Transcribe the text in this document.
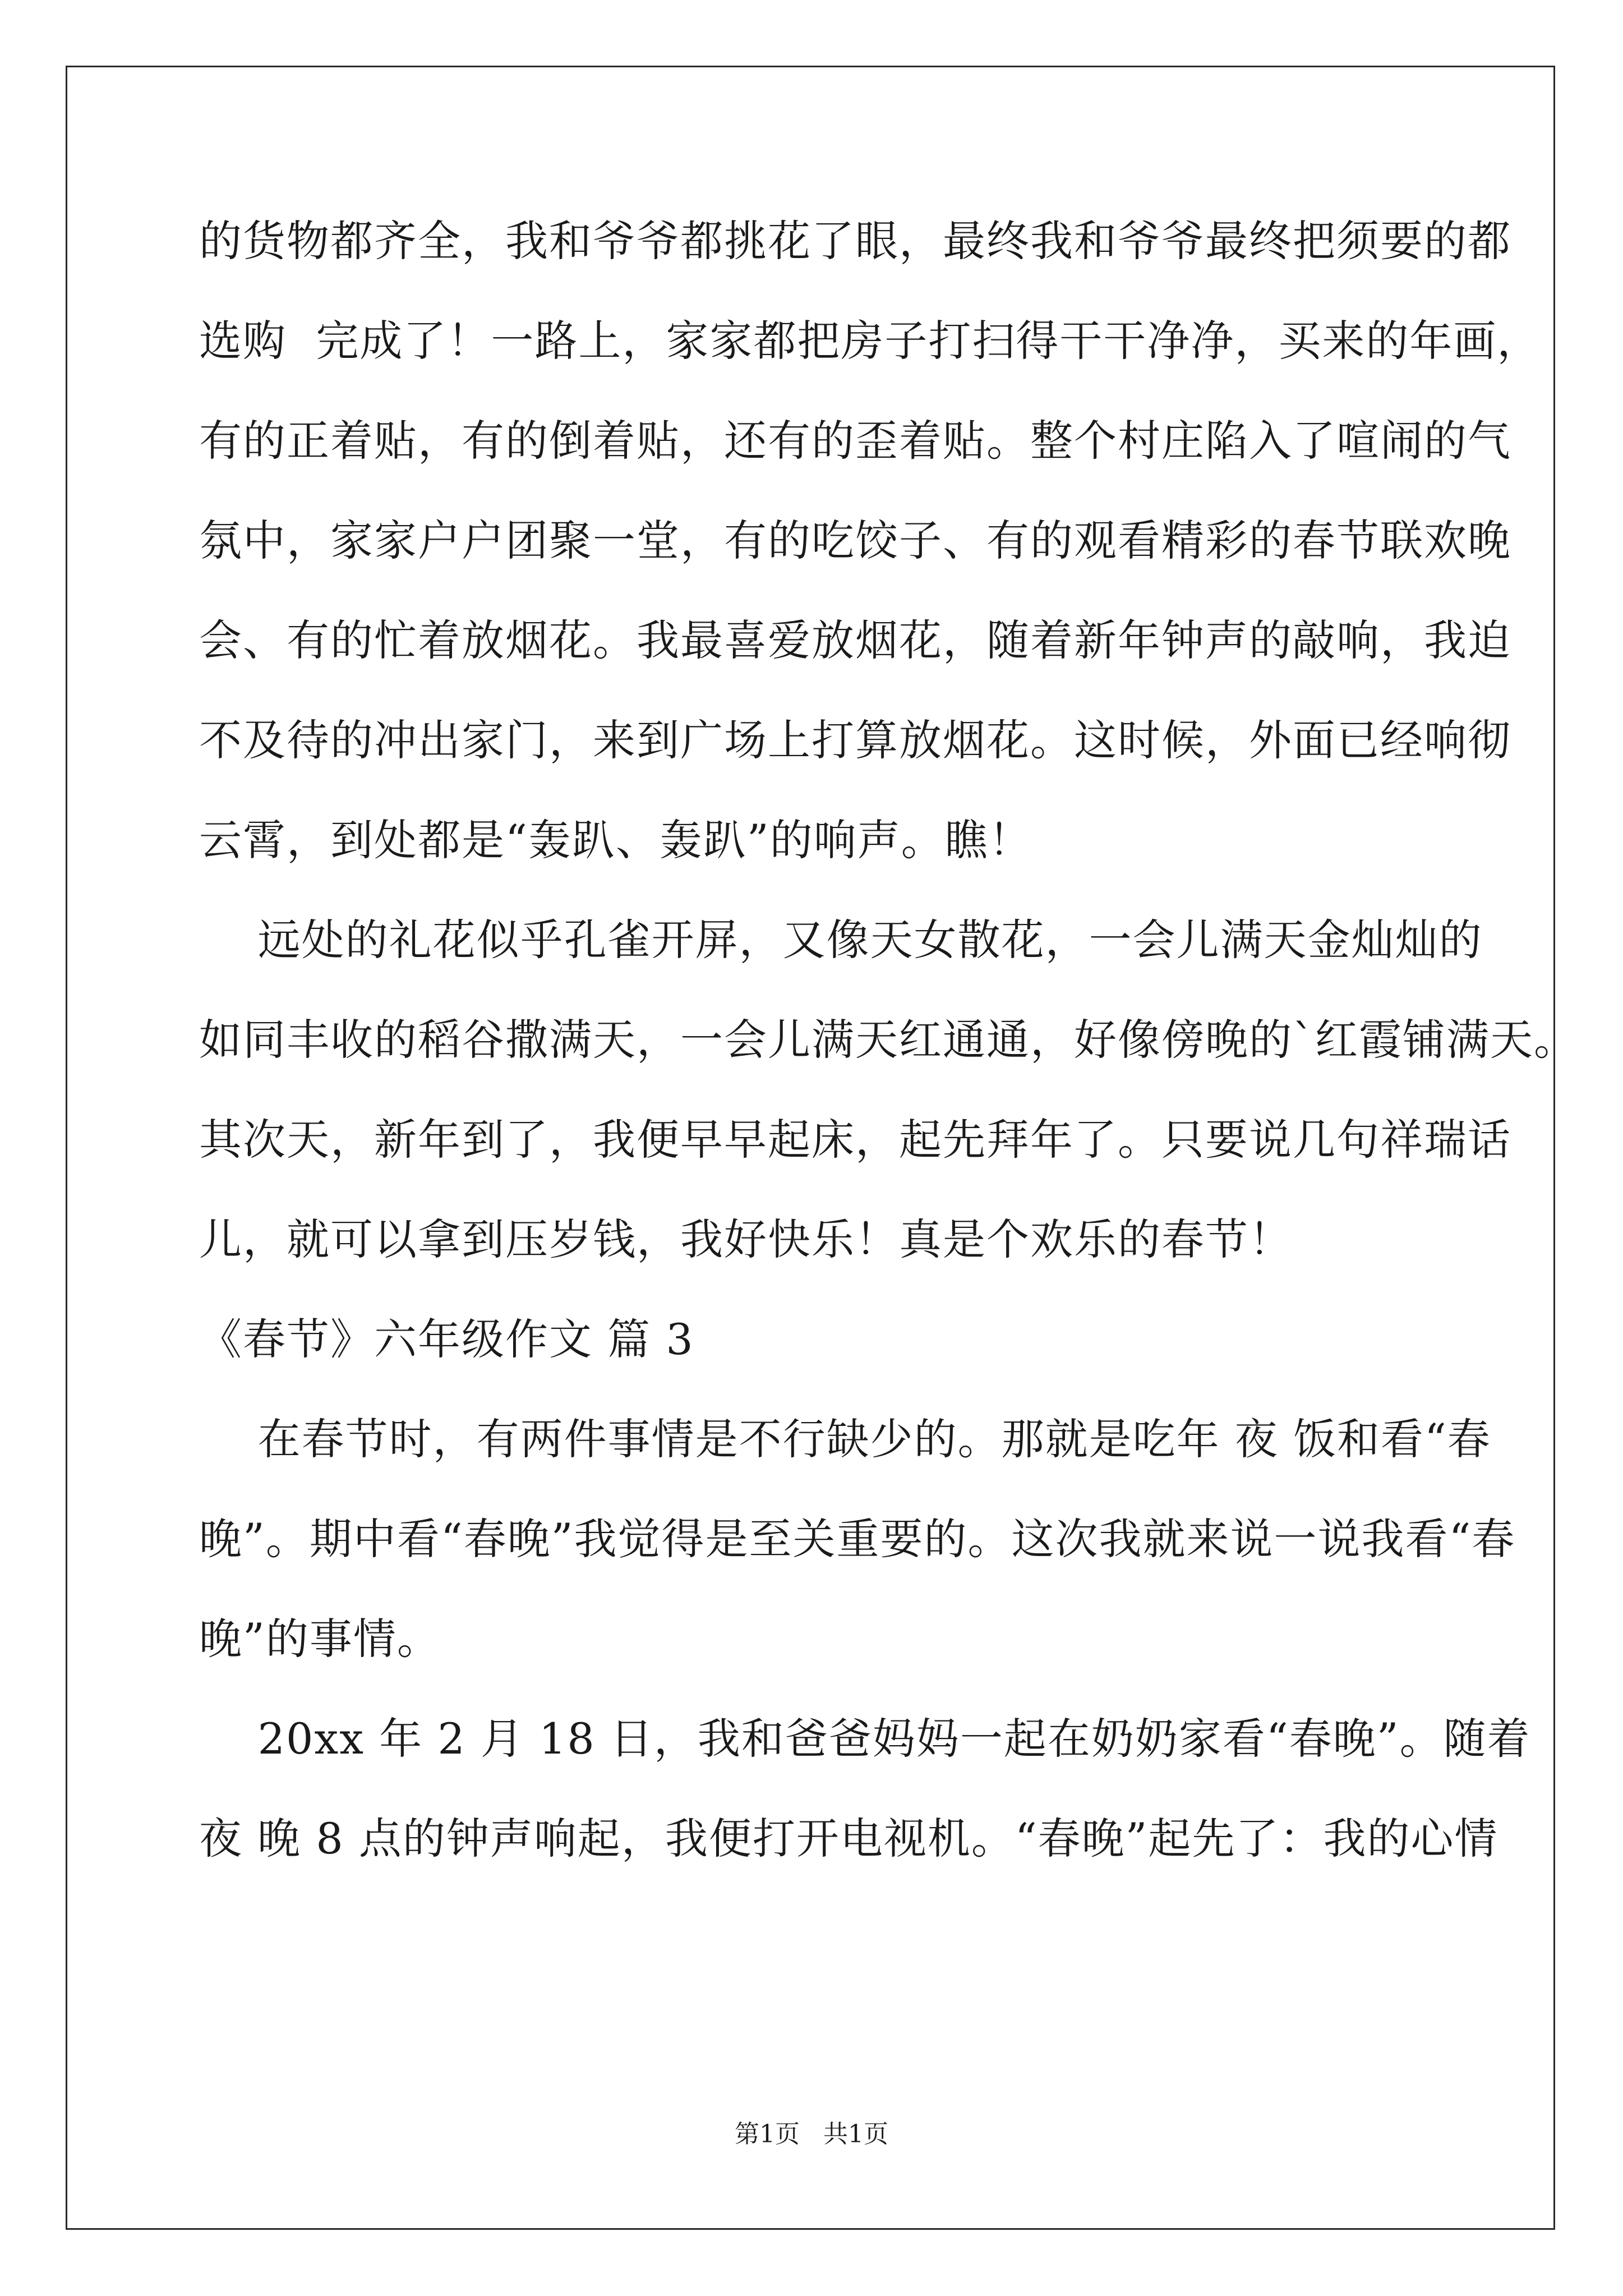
的货物都齐全，我和爷爷都挑花了眼，最终我和爷爷最终把须要的都

选购  完成了！一路上，家家都把房子打扫得干干净净，买来的年画，

有的正着贴，有的倒着贴，还有的歪着贴。整个村庄陷入了喧闹的气

氛中，家家户户团聚一堂，有的吃饺子、有的观看精彩的春节联欢晚

会、有的忙着放烟花。我最喜爱放烟花，随着新年钟声的敲响，我迫

不及待的冲出家门，来到广场上打算放烟花。这时候，外面已经响彻

云霄，到处都是“轰趴、轰趴”的响声。瞧！

远处的礼花似乎孔雀开屏，又像天女散花，一会儿满天金灿灿的

如同丰收的稻谷撒满天，一会儿满天红通通，好像傍晚的`红霞铺满天。

其次天，新年到了，我便早早起床，起先拜年了。只要说几句祥瑞话

儿，就可以拿到压岁钱，我好快乐！真是个欢乐的春节！

《春节》六年级作文 篇 3

在春节时，有两件事情是不行缺少的。那就是吃年 夜 饭和看“春

晚”。期中看“春晚”我觉得是至关重要的。这次我就来说一说我看“春

晚”的事情。

20xx 年 2 月 18 日，我和爸爸妈妈一起在奶奶家看“春晚”。随着

夜 晚 8 点的钟声响起，我便打开电视机。“春晚”起先了：我的心情

第1页   共1页
